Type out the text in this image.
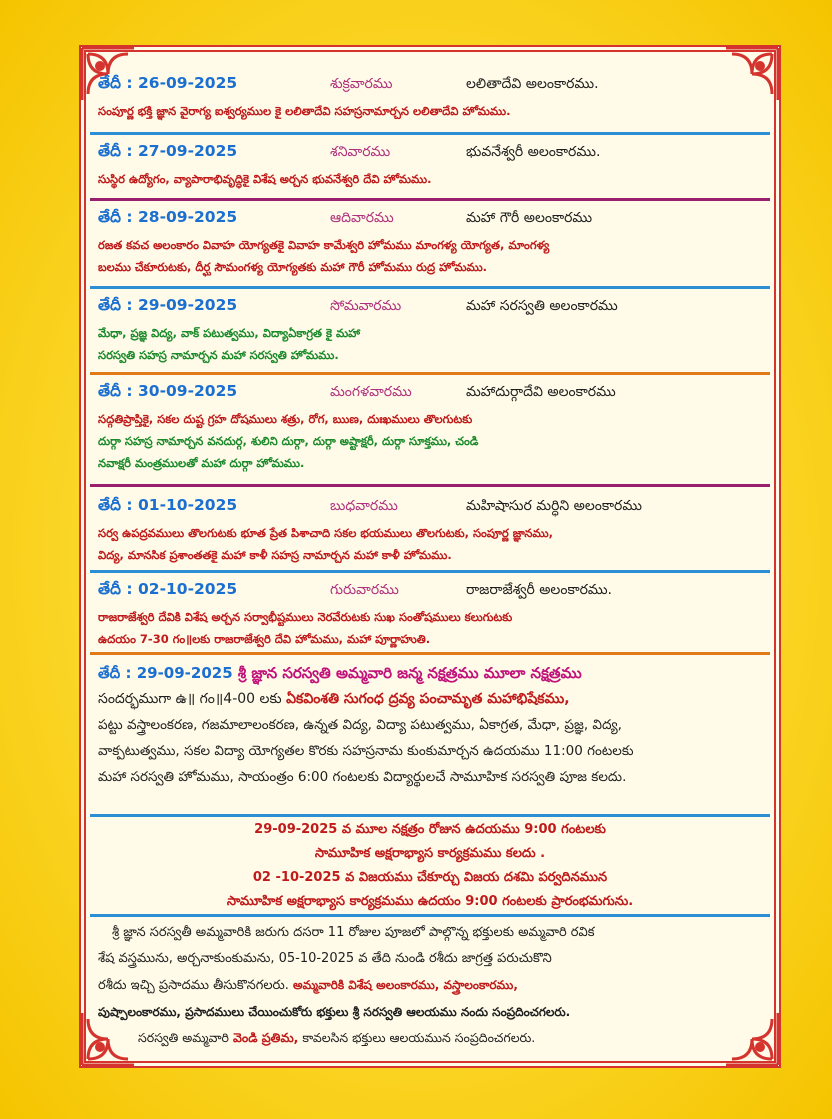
తేదీ : 26-09-2025	శుక్రవారము	లలితాదేవి అలంకారము.
సంపూర్ణ భక్తి జ్ఞాన వైరాగ్య ఐశ్వర్యముల కై లలితాదేవి సహస్రనామార్చన లలితాదేవి హోమము.
తేదీ : 27-09-2025	శనివారము	భువనేశ్వరీ అలంకారము.
సుస్థిర ఉద్యోగం, వ్యాపారాభివృద్ధికై విశేష అర్చన భువనేశ్వరి దేవి హోమము.
తేదీ : 28-09-2025	ఆదివారము	మహా గౌరీ అలంకారము
రజత కవచ అలంకారం వివాహ యోగ్యతకై వివాహ కామేశ్వరి హోమము మాంగళ్య యోగ్యత, మాంగళ్య
బలము చేకూరుటకు, దీర్ఘ సౌమంగళ్య యోగ్యతకు మహా గౌరీ హోమము రుద్ర హోమము.
తేదీ : 29-09-2025	సోమవారము	మహా సరస్వతి అలంకారము
మేధా, ప్రజ్ఞ విద్య, వాక్ పటుత్వము, విద్యాఏకాగ్రత కై మహా
సరస్వతి సహస్ర నామార్చన మహా సరస్వతి హోమము.
తేదీ : 30-09-2025	మంగళవారము	మహాదుర్గాదేవి అలంకారము
సద్గతిప్రాప్తికై, సకల దుష్ట గ్రహ దోషములు శత్రు, రోగ, ఋణ, దుఃఖములు తొలగుటకు
దుర్గా సహస్ర నామార్చన వనదుర్గ, శులిని దుర్గా, దుర్గా అష్టాక్షరీ, దుర్గా సూక్తము, చండి
నవాక్షరీ మంత్రములతో మహా దుర్గా హోమము.
తేదీ : 01-10-2025	బుధవారము	మహిషాసుర మర్ధిని అలంకారము
సర్వ ఉపద్రవములు తొలగుటకు భూత ప్రేత పిశాచాది సకల భయములు తొలగుటకు, సంపూర్ణ జ్ఞానము,
విద్య, మానసిక ప్రశాంతతకై మహా కాళీ సహస్ర నామార్చన మహా కాళీ హోమము.
తేదీ : 02-10-2025	గురువారము	రాజరాజేశ్వరీ అలంకారము.
రాజరాజేశ్వరి దేవికి విశేష అర్చన సర్వాభీష్టములు నెరవేరుటకు సుఖ సంతోషములు కలుగుటకు
ఉదయం 7-30 గం॥లకు రాజరాజేశ్వరి దేవి హోమము, మహా పూర్ణాహుతి.
తేదీ : 29-09-2025 శ్రీ జ్ఞాన సరస్వతి అమ్మవారి జన్మ నక్షత్రము మూలా నక్షత్రము
సందర్భముగా ఉ॥ గం॥4-00 లకు ఏకవింశతి సుగంధ ద్రవ్య పంచామృత మహాభిషేకము,
పట్టు వస్త్రాలంకరణ, గజమాలాలంకరణ, ఉన్నత విద్య, విద్యా పటుత్వము, ఏకాగ్రత, మేధా, ప్రజ్ఞ, విద్య,
వాక్పటుత్వము, సకల విద్యా యోగ్యతల కొరకు సహస్రనామ కుంకుమార్చన ఉదయము 11:00 గంటలకు
మహా సరస్వతి హోమము, సాయంత్రం 6:00 గంటలకు విద్యార్థులచే సామూహిక సరస్వతి పూజ కలదు.
29-09-2025 వ మూల నక్షత్రం రోజున ఉదయము 9:00 గంటలకు
సామూహిక అక్షరాభ్యాస కార్యక్రమము కలదు .
02 -10-2025 వ విజయము చేకూర్చు విజయ దశమి పర్వదినమున
సామూహిక అక్షరాభ్యాస కార్యక్రమము ఉదయం 9:00 గంటలకు ప్రారంభమగును.
శ్రీ జ్ఞాన సరస్వతీ అమ్మవారికి జరుగు దసరా 11 రోజుల పూజలో పాల్గొన్న భక్తులకు అమ్మవారి రవిక
శేష వస్త్రమును, అర్చనాకుంకుమను, 05-10-2025 వ తేది నుండి రశీదు జాగ్రత్త పరుచుకొని
రశీదు ఇచ్చి ప్రసాదము తీసుకొనగలరు. అమ్మవారికి విశేష అలంకారము, వస్త్రాలంకారము,
పుష్పాలంకారము, ప్రసాదములు చేయించుకోరు భక్తులు శ్రీ సరస్వతి ఆలయము నందు సంప్రదించగలరు.
సరస్వతి అమ్మవారి వెండి ప్రతిమ, కావలసిన భక్తులు ఆలయమున సంప్రదించగలరు.
